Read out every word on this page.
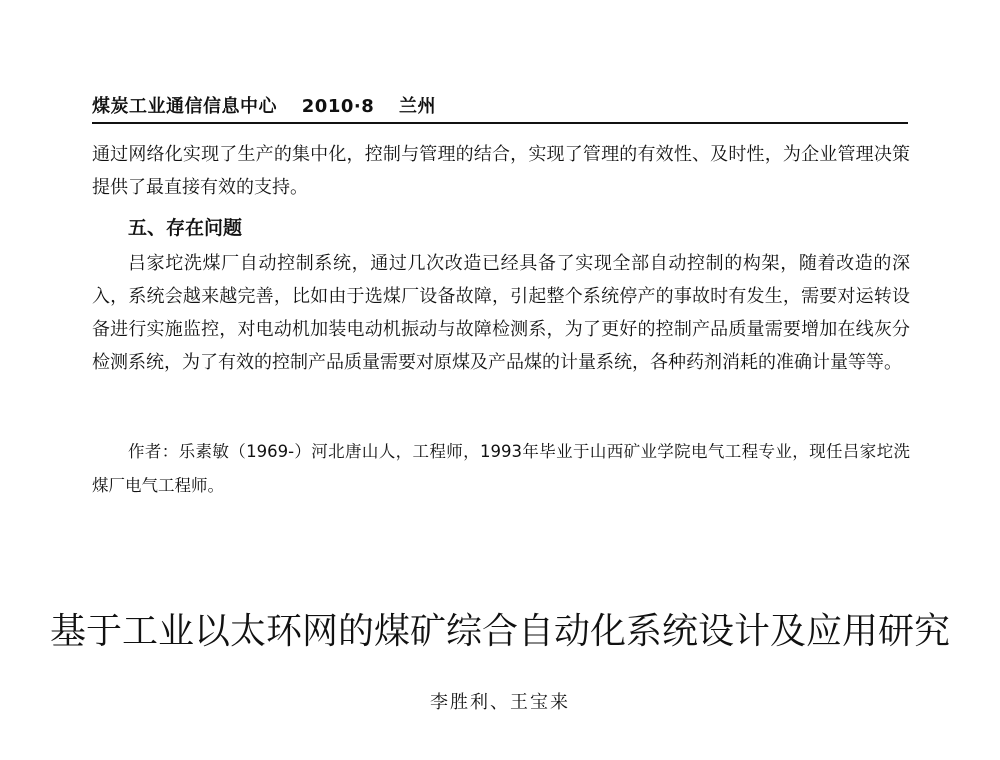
煤炭工业通信信息中心 2010·8 兰州

通过网络化实现了生产的集中化，控制与管理的结合，实现了管理的有效性、及时性，为企业管理决策提供了最直接有效的支持。

五、存在问题

吕家坨洗煤厂自动控制系统，通过几次改造已经具备了实现全部自动控制的构架，随着改造的深入，系统会越来越完善，比如由于选煤厂设备故障，引起整个系统停产的事故时有发生，需要对运转设备进行实施监控，对电动机加装电动机振动与故障检测系，为了更好的控制产品质量需要增加在线灰分检测系统，为了有效的控制产品质量需要对原煤及产品煤的计量系统，各种药剂消耗的准确计量等等。

作者：乐素敏（1969-）河北唐山人，工程师，1993年毕业于山西矿业学院电气工程专业，现任吕家坨洗煤厂电气工程师。

基于工业以太环网的煤矿综合自动化系统设计及应用研究

李胜利、王宝来
